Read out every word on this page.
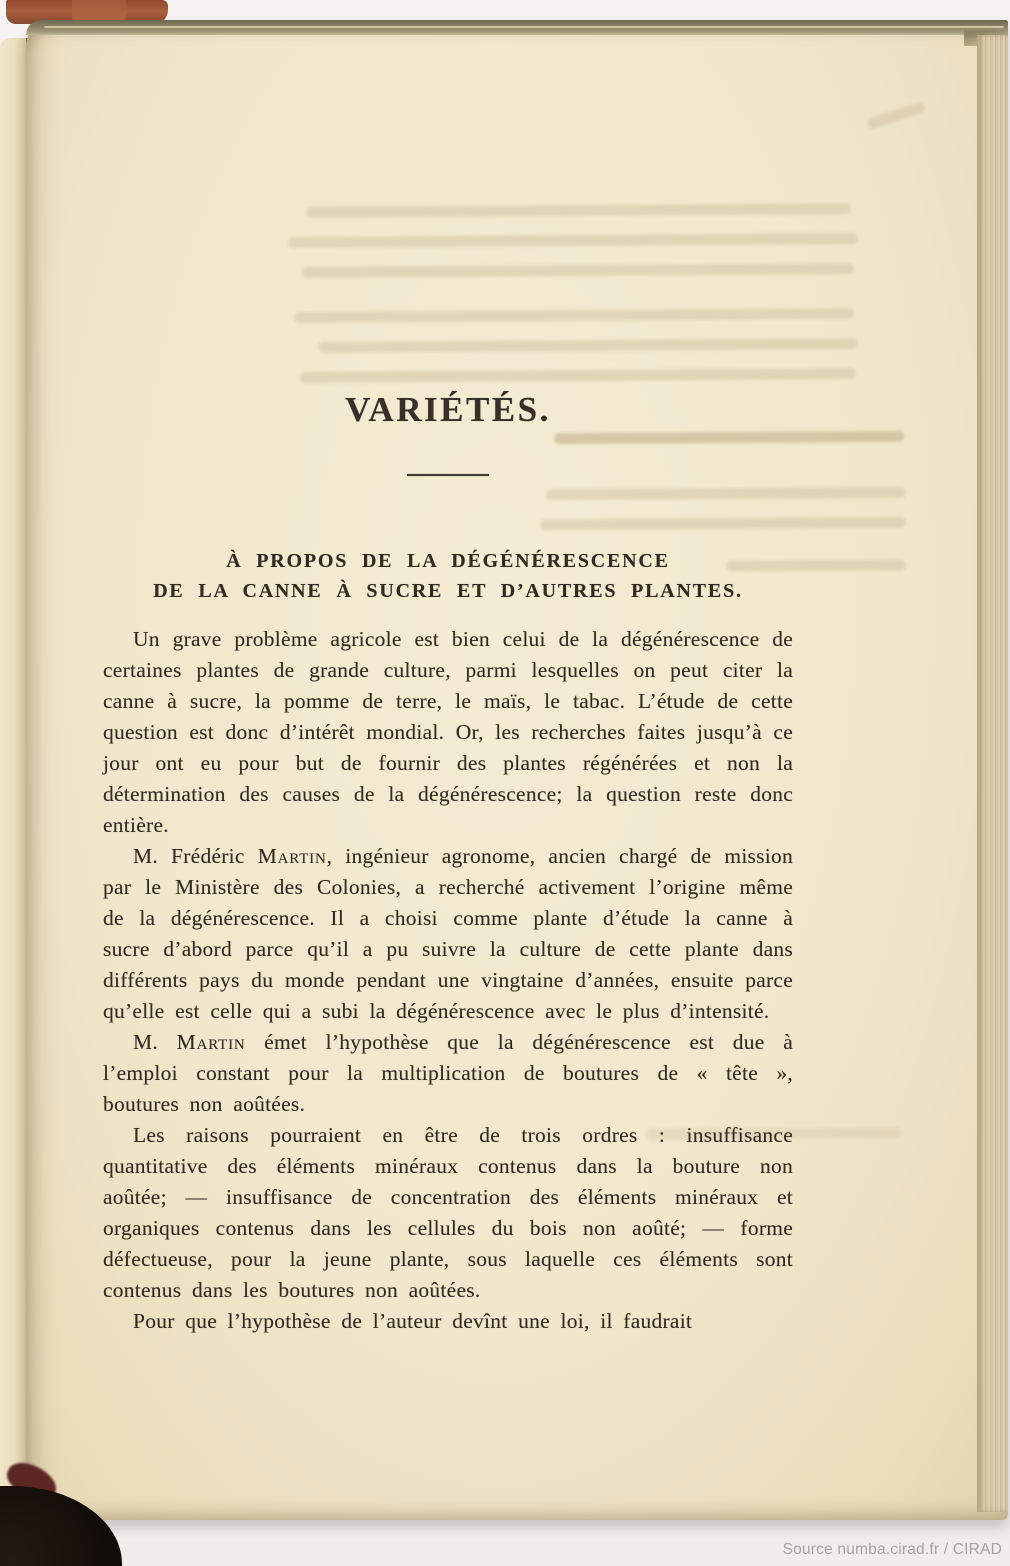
VARIÉTÉS.
À PROPOS DE LA DÉGÉNÉRESCENCE
DE LA CANNE À SUCRE ET D’AUTRES PLANTES.

Un grave problème agricole est bien celui de la dégénérescence de certaines plantes de grande culture, parmi lesquelles on peut citer la canne à sucre, la pomme de terre, le maïs, le tabac. L’étude de cette question est donc d’intérêt mondial. Or, les recherches faites jusqu’à ce jour ont eu pour but de fournir des plantes régénérées et non la détermination des causes de la dégénérescence; la question reste donc entière.

M. Frédéric Martin, ingénieur agronome, ancien chargé de mission par le Ministère des Colonies, a recherché activement l’origine même de la dégénérescence. Il a choisi comme plante d’étude la canne à sucre d’abord parce qu’il a pu suivre la culture de cette plante dans différents pays du monde pendant une vingtaine d’années, ensuite parce qu’elle est celle qui a subi la dégénérescence avec le plus d’intensité.

M. Martin émet l’hypothèse que la dégénérescence est due à l’emploi constant pour la multiplication de boutures de « tête », boutures non aoûtées.

Les raisons pourraient en être de trois ordres : insuffisance quantitative des éléments minéraux contenus dans la bouture non aoûtée; — insuffisance de concentration des éléments minéraux et organiques contenus dans les cellules du bois non aoûté; — forme défectueuse, pour la jeune plante, sous laquelle ces éléments sont contenus dans les boutures non aoûtées.

Pour que l’hypothèse de l’auteur devînt une loi, il faudrait

Source numba.cirad.fr / CIRAD
